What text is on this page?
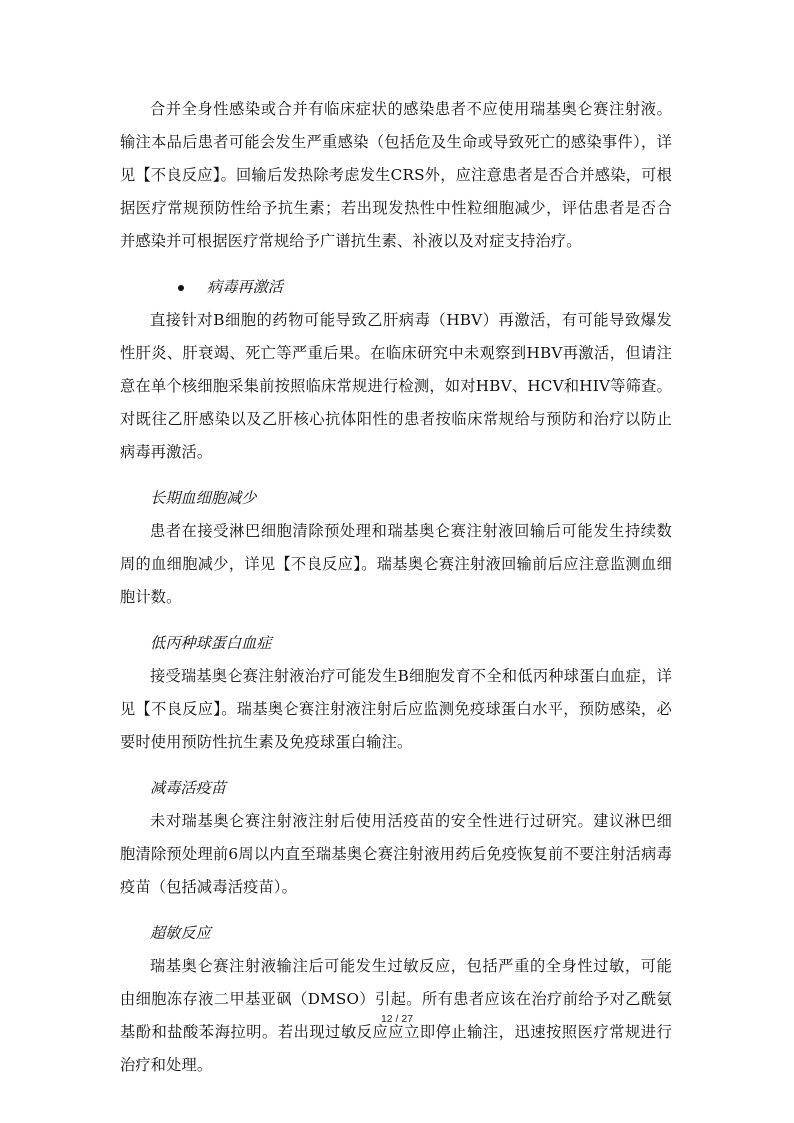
合并全身性感染或合并有临床症状的感染患者不应使用瑞基奥仑赛注射液。输注本品后患者可能会发生严重感染（包括危及生命或导致死亡的感染事件），详见【不良反应】。回输后发热除考虑发生CRS外，应注意患者是否合并感染，可根据医疗常规预防性给予抗生素；若出现发热性中性粒细胞减少，评估患者是否合并感染并可根据医疗常规给予广谱抗生素、补液以及对症支持治疗。

病毒再激活

直接针对B细胞的药物可能导致乙肝病毒（HBV）再激活，有可能导致爆发性肝炎、肝衰竭、死亡等严重后果。在临床研究中未观察到HBV再激活，但请注意在单个核细胞采集前按照临床常规进行检测，如对HBV、HCV和HIV等筛查。对既往乙肝感染以及乙肝核心抗体阳性的患者按临床常规给与预防和治疗以防止病毒再激活。

长期血细胞减少

患者在接受淋巴细胞清除预处理和瑞基奥仑赛注射液回输后可能发生持续数周的血细胞减少，详见【不良反应】。瑞基奥仑赛注射液回输前后应注意监测血细胞计数。

低丙种球蛋白血症

接受瑞基奥仑赛注射液治疗可能发生B细胞发育不全和低丙种球蛋白血症，详见【不良反应】。瑞基奥仑赛注射液注射后应监测免疫球蛋白水平，预防感染，必要时使用预防性抗生素及免疫球蛋白输注。

减毒活疫苗

未对瑞基奥仑赛注射液注射后使用活疫苗的安全性进行过研究。建议淋巴细胞清除预处理前6周以内直至瑞基奥仑赛注射液用药后免疫恢复前不要注射活病毒疫苗（包括减毒活疫苗）。

超敏反应

瑞基奥仑赛注射液输注后可能发生过敏反应，包括严重的全身性过敏，可能由细胞冻存液二甲基亚砜（DMSO）引起。所有患者应该在治疗前给予对乙酰氨基酚和盐酸苯海拉明。若出现过敏反应应立即停止输注，迅速按照医疗常规进行治疗和处理。

12 / 27
